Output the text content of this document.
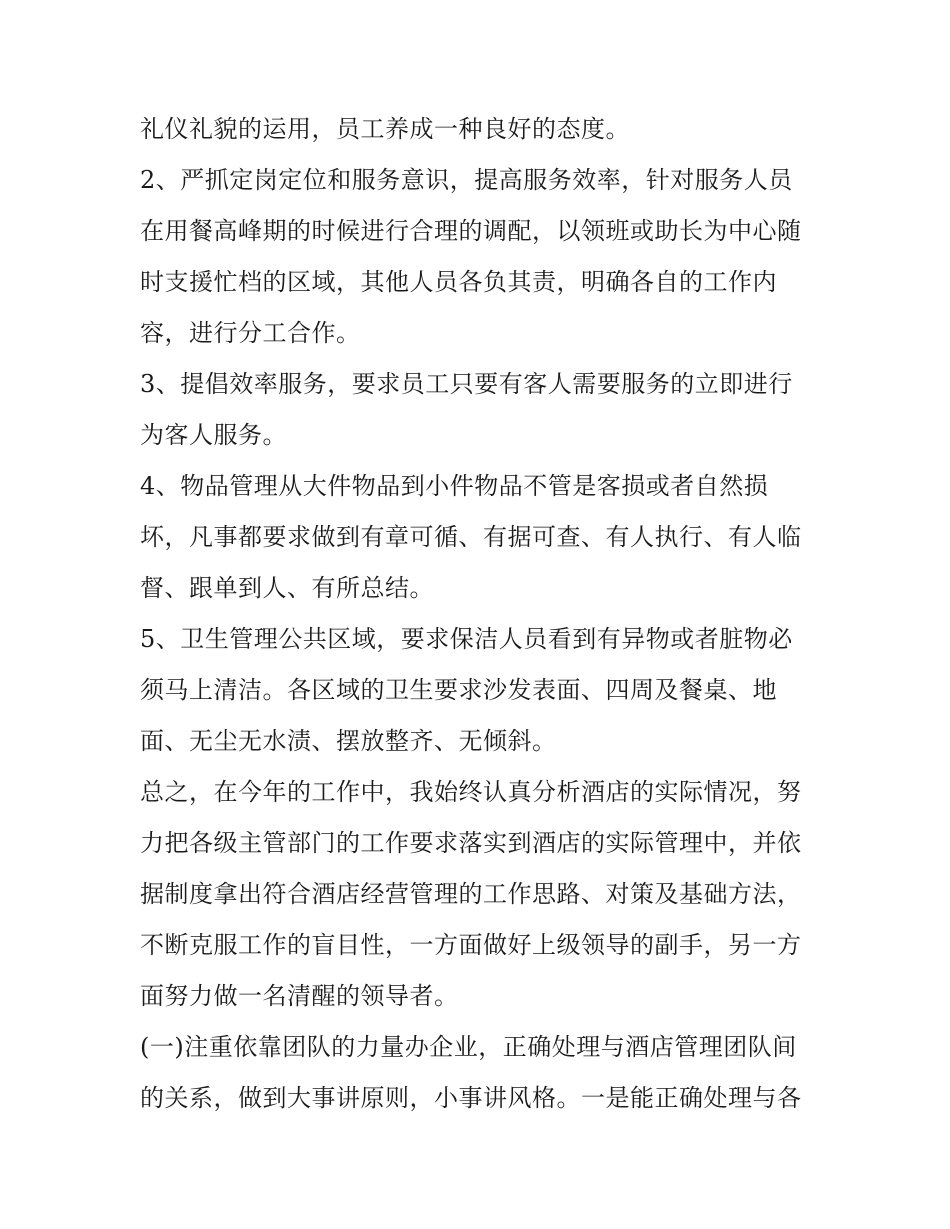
礼仪礼貌的运用，员工养成一种良好的态度。
2、严抓定岗定位和服务意识，提高服务效率，针对服务人员
在用餐高峰期的时候进行合理的调配，以领班或助长为中心随
时支援忙档的区域，其他人员各负其责，明确各自的工作内
容，进行分工合作。
3、提倡效率服务，要求员工只要有客人需要服务的立即进行
为客人服务。
4、物品管理从大件物品到小件物品不管是客损或者自然损
坏，凡事都要求做到有章可循、有据可查、有人执行、有人临
督、跟单到人、有所总结。
5、卫生管理公共区域，要求保洁人员看到有异物或者脏物必
须马上清洁。各区域的卫生要求沙发表面、四周及餐桌、地
面、无尘无水渍、摆放整齐、无倾斜。
总之，在今年的工作中，我始终认真分析酒店的实际情况，努
力把各级主管部门的工作要求落实到酒店的实际管理中，并依
据制度拿出符合酒店经营管理的工作思路、对策及基础方法，
不断克服工作的盲目性，一方面做好上级领导的副手，另一方
面努力做一名清醒的领导者。
(一)注重依靠团队的力量办企业，正确处理与酒店管理团队间
的关系，做到大事讲原则，小事讲风格。一是能正确处理与各
